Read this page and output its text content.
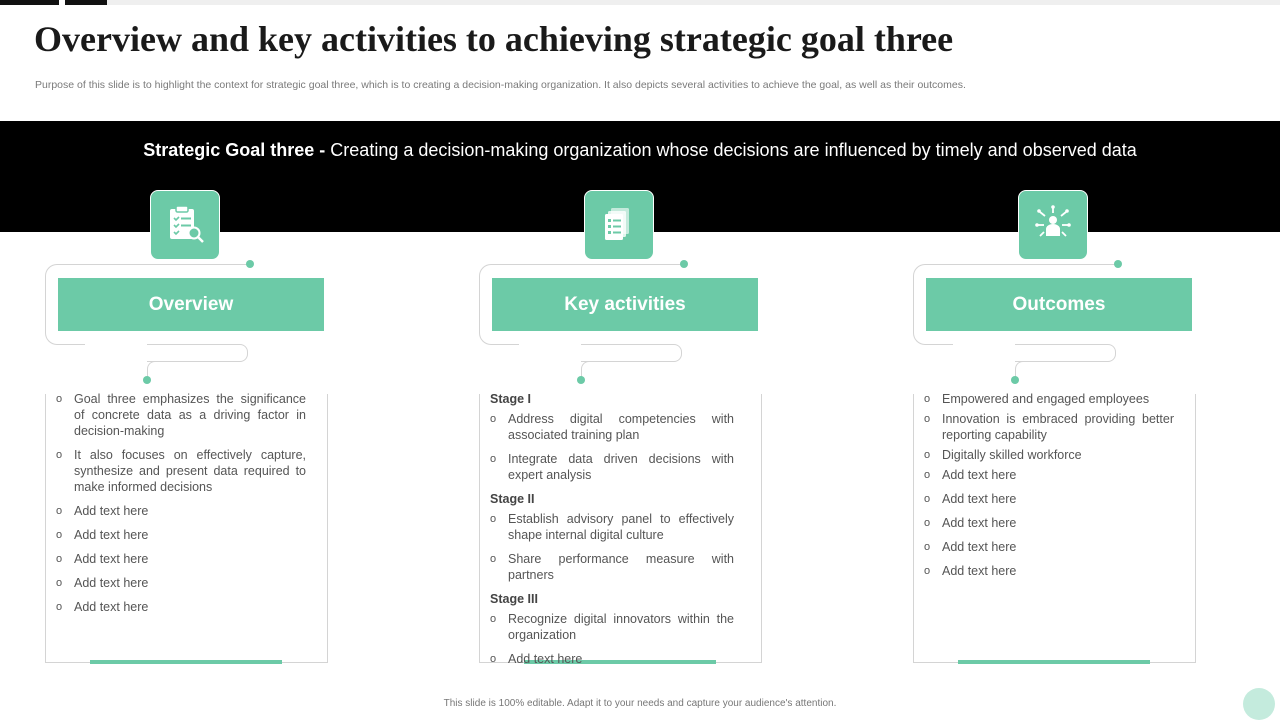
Overview and key activities to achieving strategic goal three

Purpose of this slide is to highlight the context for strategic goal three, which is to creating a decision-making organization. It also depicts several activities to achieve the goal, as well as their outcomes.

Strategic Goal three - Creating a decision-making organization whose decisions are influenced by timely and observed data
Overview
o Goal three emphasizes the significance of concrete data as a driving factor in decision-making
o It also focuses on effectively capture, synthesize and present data required to make informed decisions
o Add text here
o Add text here
o Add text here
o Add text here
o Add text here
Key activities
Stage I
o Address digital competencies with associated training plan
o Integrate data driven decisions with expert analysis
Stage II
o Establish advisory panel to effectively shape internal digital culture
o Share performance measure with partners
Stage III
o Recognize digital innovators within the organization
o Add text here
Outcomes
o Empowered and engaged employees
o Innovation is embraced providing better reporting capability
o Digitally skilled workforce
o Add text here
o Add text here
o Add text here
o Add text here
o Add text here

This slide is 100% editable. Adapt it to your needs and capture your audience's attention.
